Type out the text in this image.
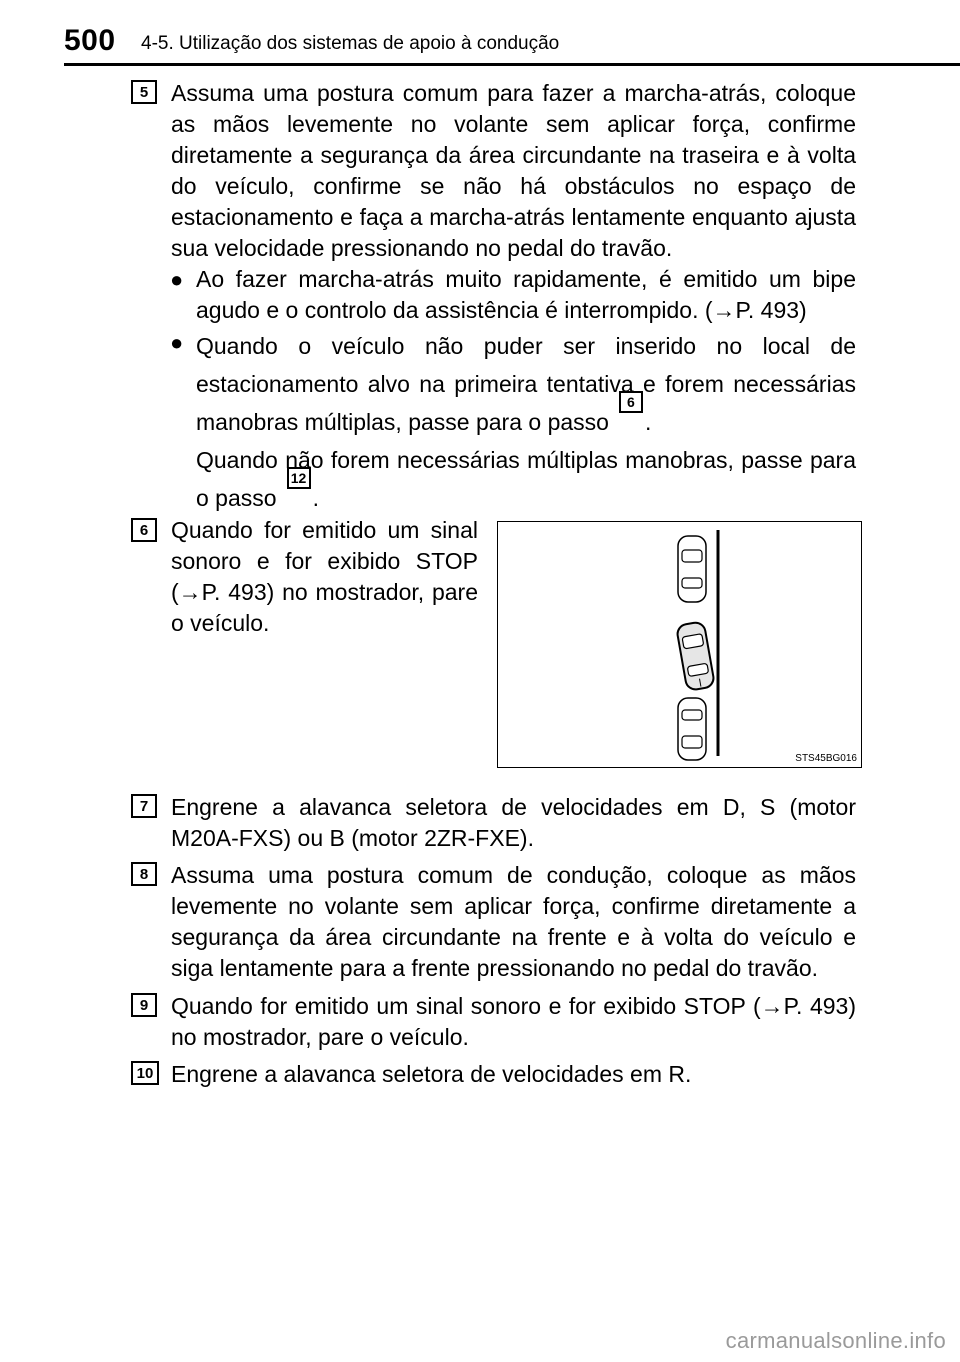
500 4-5. Utilização dos sistemas de apoio à condução
5 Assuma uma postura comum para fazer a marcha-atrás, coloque as mãos levemente no volante sem aplicar força, confirme diretamente a segurança da área circundante na traseira e à volta do veículo, confirme se não há obstáculos no espaço de estacionamento e faça a marcha-atrás lentamente enquanto ajusta sua velocidade pressionando no pedal do travão.
● Ao fazer marcha-atrás muito rapidamente, é emitido um bipe agudo e o controlo da assistência é interrompido. (→P. 493)
● Quando o veículo não puder ser inserido no local de estacionamento alvo na primeira tentativa e forem necessárias manobras múltiplas, passe para o passo6.
Quando não forem necessárias múltiplas manobras, passe para o passo12.
6 Quando for emitido um sinal sonoro e for exibido STOP (→P. 493) no mostrador, pare o veículo.
STS45BG016
7 Engrene a alavanca seletora de velocidades em D, S (motor M20A-FXS) ou B (motor 2ZR-FXE).
8 Assuma uma postura comum de condução, coloque as mãos levemente no volante sem aplicar força, confirme diretamente a segurança da área circundante na frente e à volta do veículo e siga lentamente para a frente pressionando no pedal do travão.
9 Quando for emitido um sinal sonoro e for exibido STOP (→P. 493) no mostrador, pare o veículo.
10 Engrene a alavanca seletora de velocidades em R.
carmanualsonline.info
